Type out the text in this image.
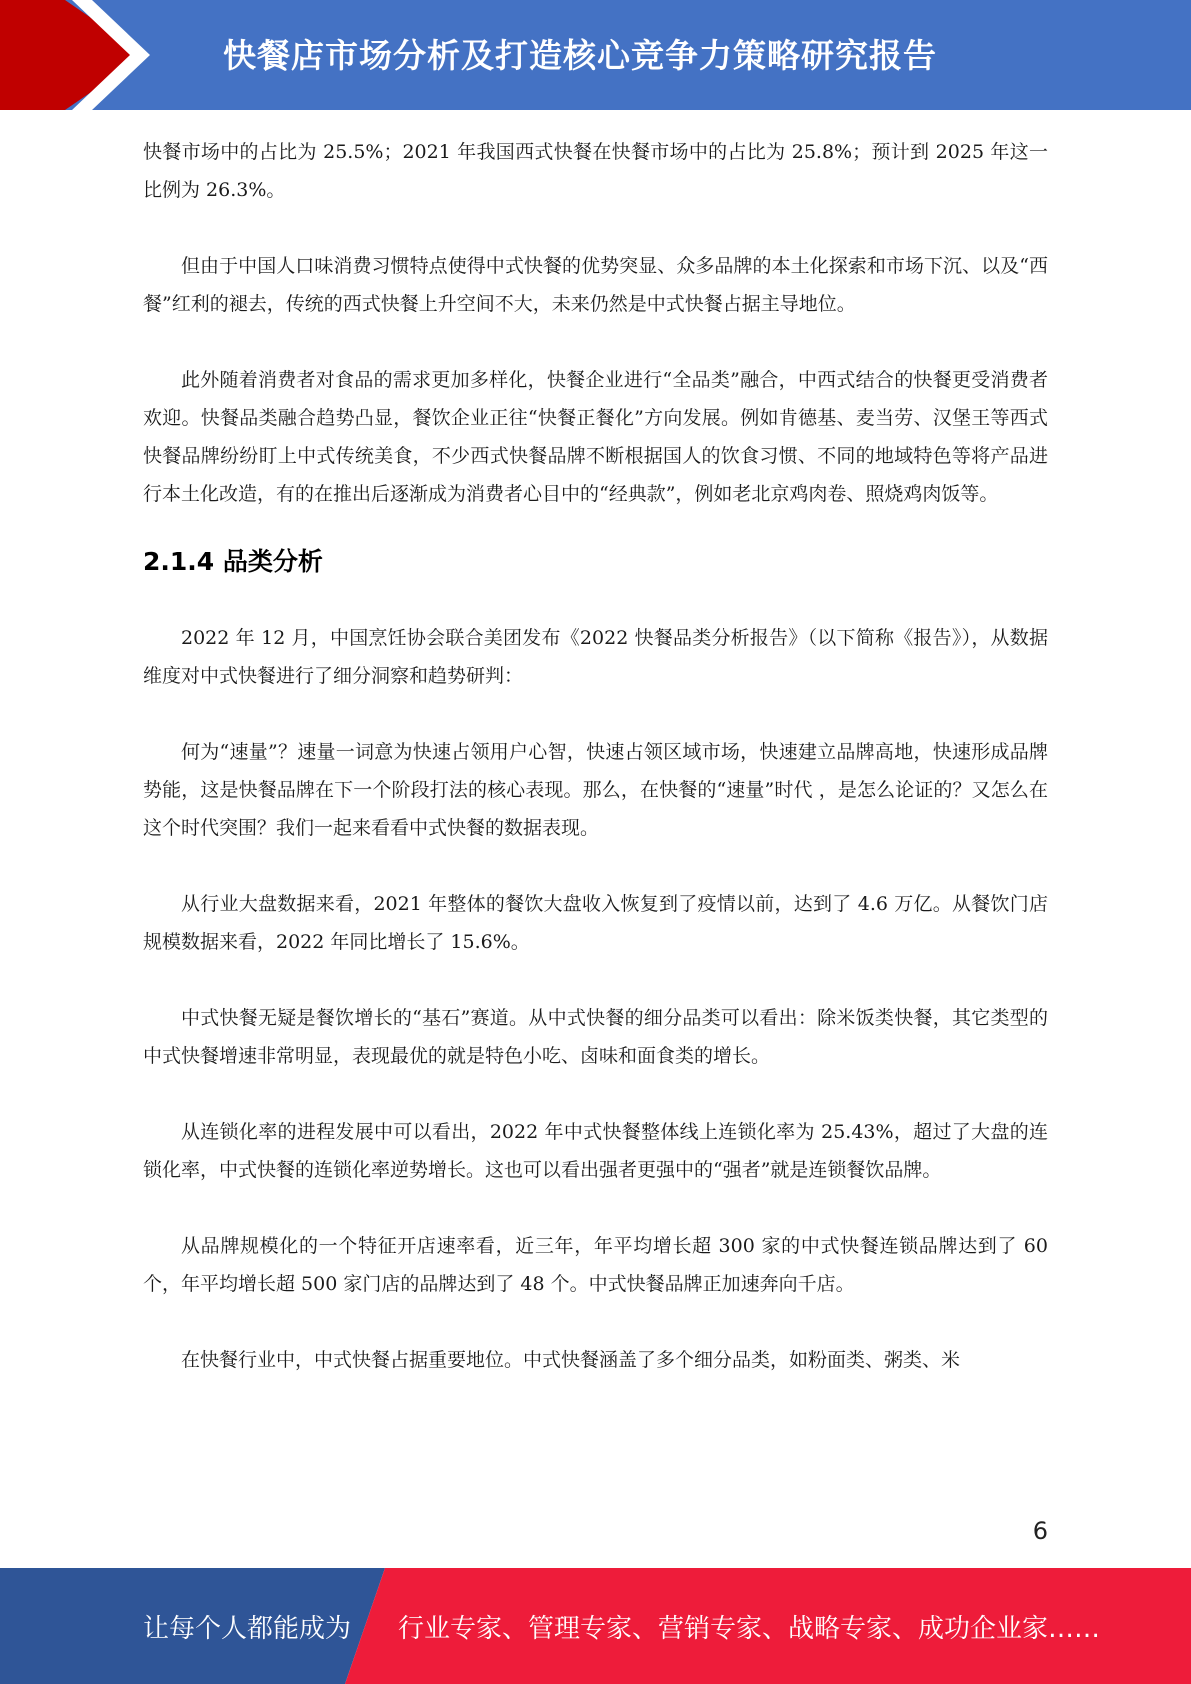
快餐店市场分析及打造核心竞争力策略研究报告

快餐市场中的占比为 25.5%；2021 年我国西式快餐在快餐市场中的占比为 25.8%；预计到 2025 年这一比例为 26.3%。

但由于中国人口味消费习惯特点使得中式快餐的优势突显、众多品牌的本土化探索和市场下沉、以及“西餐”红利的褪去，传统的西式快餐上升空间不大，未来仍然是中式快餐占据主导地位。

此外随着消费者对食品的需求更加多样化，快餐企业进行“全品类”融合，中西式结合的快餐更受消费者欢迎。快餐品类融合趋势凸显，餐饮企业正往“快餐正餐化”方向发展。例如肯德基、麦当劳、汉堡王等西式快餐品牌纷纷盯上中式传统美食，不少西式快餐品牌不断根据国人的饮食习惯、不同的地域特色等将产品进行本土化改造，有的在推出后逐渐成为消费者心目中的“经典款”，例如老北京鸡肉卷、照烧鸡肉饭等。

2.1.4 品类分析

2022 年 12 月，中国烹饪协会联合美团发布《2022 快餐品类分析报告》（以下简称《报告》），从数据维度对中式快餐进行了细分洞察和趋势研判：

何为“速量”？速量一词意为快速占领用户心智，快速占领区域市场，快速建立品牌高地，快速形成品牌势能，这是快餐品牌在下一个阶段打法的核心表现。那么，在快餐的“速量”时代 ，是怎么论证的？又怎么在这个时代突围？我们一起来看看中式快餐的数据表现。

从行业大盘数据来看，2021 年整体的餐饮大盘收入恢复到了疫情以前，达到了 4.6 万亿。从餐饮门店规模数据来看，2022 年同比增长了 15.6%。

中式快餐无疑是餐饮增长的“基石”赛道。从中式快餐的细分品类可以看出：除米饭类快餐，其它类型的中式快餐增速非常明显，表现最优的就是特色小吃、卤味和面食类的增长。

从连锁化率的进程发展中可以看出，2022 年中式快餐整体线上连锁化率为 25.43%，超过了大盘的连锁化率，中式快餐的连锁化率逆势增长。这也可以看出强者更强中的“强者”就是连锁餐饮品牌。

从品牌规模化的一个特征开店速率看，近三年，年平均增长超 300 家的中式快餐连锁品牌达到了 60 个，年平均增长超 500 家门店的品牌达到了 48 个。中式快餐品牌正加速奔向千店。

在快餐行业中，中式快餐占据重要地位。中式快餐涵盖了多个细分品类，如粉面类、粥类、米

6
让每个人都能成为 行业专家、管理专家、营销专家、战略专家、成功企业家……
